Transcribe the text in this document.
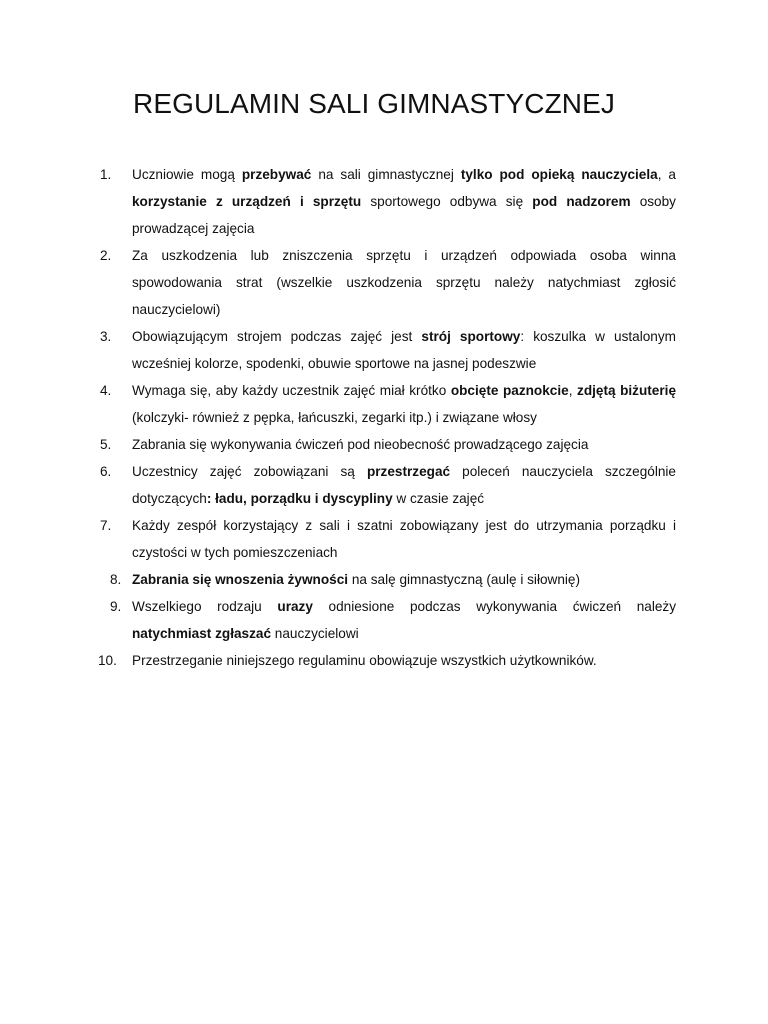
REGULAMIN SALI GIMNASTYCZNEJ
1.	Uczniowie mogą przebywać na sali gimnastycznej tylko pod opieką nauczyciela, a korzystanie z urządzeń i sprzętu sportowego odbywa się pod nadzorem osoby prowadzącej zajęcia
2.	Za uszkodzenia lub zniszczenia sprzętu i urządzeń odpowiada osoba winna spowodowania strat (wszelkie uszkodzenia sprzętu należy natychmiast zgłosić nauczycielowi)
3.	Obowiązującym strojem podczas zajęć jest strój sportowy: koszulka w ustalonym wcześniej kolorze, spodenki, obuwie sportowe na jasnej podeszwie
4.	Wymaga się, aby każdy uczestnik zajęć miał krótko obcięte paznokcie, zdjętą biżuterię (kolczyki- również z pępka, łańcuszki, zegarki itp.) i związane włosy
5.	Zabrania się wykonywania ćwiczeń pod nieobecność prowadzącego zajęcia
6.	Uczestnicy zajęć zobowiązani są przestrzegać poleceń nauczyciela szczególnie dotyczących: ładu, porządku i dyscypliny w czasie zajęć
7.	Każdy zespół korzystający z sali i szatni zobowiązany jest do utrzymania porządku i czystości w tych pomieszczeniach
8. Zabrania się wnoszenia żywności na salę gimnastyczną (aulę i siłownię)
9. Wszelkiego rodzaju urazy odniesione podczas wykonywania ćwiczeń należy natychmiast zgłaszać nauczycielowi
10.	Przestrzeganie niniejszego regulaminu obowiązuje wszystkich użytkowników.
